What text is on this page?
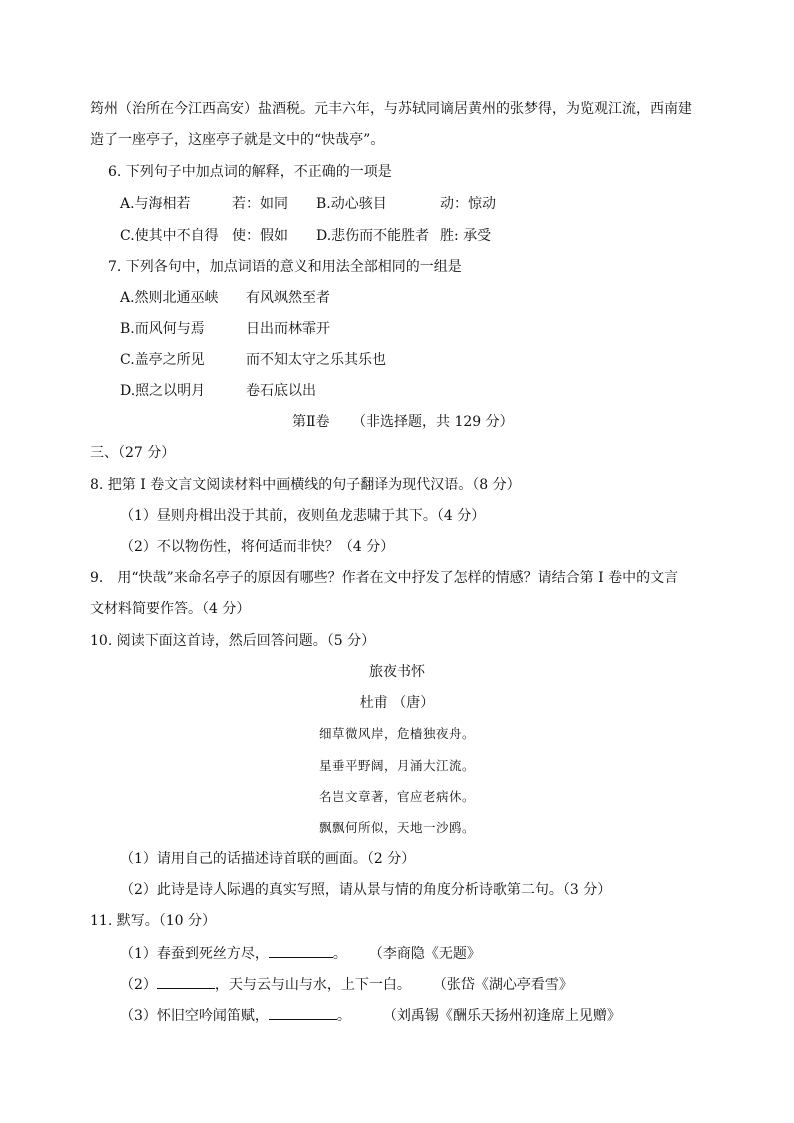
筠州（治所在今江西高安）盐酒税。元丰六年，与苏轼同谪居黄州的张梦得，为览观江流，西南建
造了一座亭子，这座亭子就是文中的“快哉亭”。
6. 下列句子中加点词的解释，不正确的一项是
A.与海相若	若：如同 B.动心骇目	动：惊动
C.使其中不自得 使：假如 D.悲伤而不能胜者 胜: 承受
7. 下列各句中，加点词语的意义和用法全部相同的一组是
A.然则北通巫峡 有风飒然至者
B.而风何与焉	日出而林霏开
C.盖亭之所见	而不知太守之乐其乐也
D.照之以明月	卷石底以出
第Ⅱ卷 （非选择题，共 129 分）
三、（27 分）
8. 把第 I 卷文言文阅读材料中画横线的句子翻译为现代汉语。（8 分）
（1）昼则舟楫出没于其前，夜则鱼龙悲啸于其下。（4 分）
（2）不以物伤性，将何适而非快？（4 分）
9． 用“快哉”来命名亭子的原因有哪些？作者在文中抒发了怎样的情感？请结合第 I 卷中的文言
文材料简要作答。（4 分）
10. 阅读下面这首诗，然后回答问题。（5 分）
旅夜书怀
杜甫 （唐）
细草微风岸，危樯独夜舟。
星垂平野阔，月涌大江流。
名岂文章著，官应老病休。
飘飘何所似，天地一沙鸥。
（1）请用自己的话描述诗首联的画面。（2 分）
（2）此诗是诗人际遇的真实写照，请从景与情的角度分析诗歌第二句。（3 分）
11. 默写。（10 分）
（1）春蚕到死丝方尽，	。 （李商隐《无题》
（2）	，天与云与山与水，上下一白。 （张岱《湖心亭看雪》
（3）怀旧空吟闻笛赋，	。 （刘禹锡《酬乐天扬州初逢席上见赠》
